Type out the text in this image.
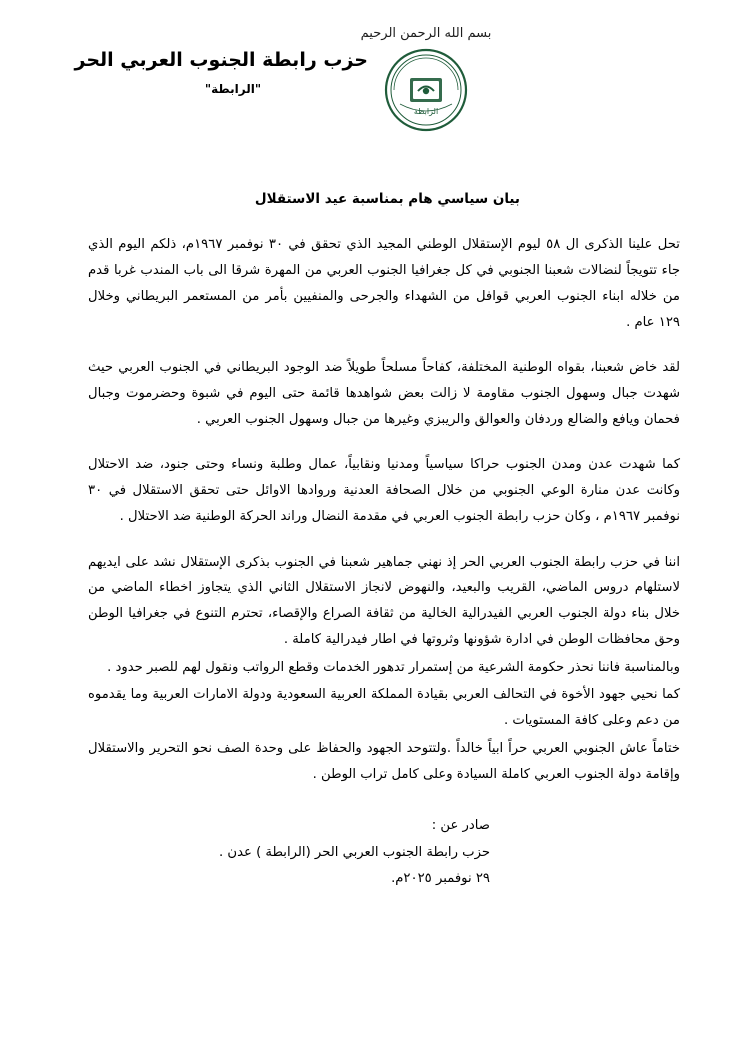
بسم الله الرحمن الرحيم
الرابطة
حزب رابطة الجنوب العربي الحر
"الرابطة"
بيان سياسي هام بمناسبة عيد الاستقلال

تحل علينا الذكرى ال ٥٨ ليوم الإستقلال الوطني المجيد الذي تحقق في ٣٠ نوفمبر ١٩٦٧م، ذلكم اليوم الذي جاء تتويجاً لنضالات شعبنا الجنوبي في كل جغرافيا الجنوب العربي من المهرة شرقا الى باب المندب غربا قدم من خلاله ابناء الجنوب العربي قوافل من الشهداء والجرحى والمنفيين بأمر من المستعمر البريطاني وخلال ١٢٩ عام .

لقد خاض شعبنا، بقواه الوطنية المختلفة، كفاحاً مسلحاً طويلاً ضد الوجود البريطاني في الجنوب العربي حيث شهدت جبال وسهول الجنوب مقاومة لا زالت بعض شواهدها قائمة حتى اليوم في شبوة وحضرموت وجبال فحمان ويافع والضالع وردفان والعوالق والريبزي وغيرها من جبال وسهول الجنوب العربي .

كما شهدت عدن ومدن الجنوب حراكا سياسياً ومدنيا ونقابياً، عمال وطلبة ونساء وحتى جنود، ضد الاحتلال وكانت عدن منارة الوعي الجنوبي من خلال الصحافة العدنية وروادها الاوائل حتى تحقق الاستقلال في ٣٠ نوفمبر ١٩٦٧م ، وكان حزب رابطة الجنوب العربي في مقدمة النضال وراند الحركة الوطنية ضد الاحتلال .

اننا في حزب رابطة الجنوب العربي الحر إذ نهني جماهير شعبنا في الجنوب بذكرى الإستقلال نشد على ايديهم لاستلهام دروس الماضي، القريب والبعيد، والنهوض لانجاز الاستقلال الثاني الذي يتجاوز اخطاء الماضي من خلال بناء دولة الجنوب العربي الفيدرالية الخالية من ثقافة الصراع والإقصاء، تحترم التنوع في جغرافيا الوطن وحق محافظات الوطن في ادارة شؤونها وثروتها في اطار فيدرالية كاملة .

وبالمناسبة فاننا نحذر حكومة الشرعية من إستمرار تدهور الخدمات وقطع الرواتب ونقول لهم للصبر حدود .

كما نحيي جهود الأخوة في التحالف العربي بقيادة المملكة العربية السعودية ودولة الامارات العربية وما يقدموه من دعم وعلى كافة المستويات .

ختاماً عاش الجنوبي العربي حراً ابياً خالداً .ولتتوحد الجهود والحفاظ على وحدة الصف نحو التحرير والاستقلال وإقامة دولة الجنوب العربي كاملة السيادة وعلى كامل تراب الوطن .

صادر عن :

حزب رابطة الجنوب العربي الحر (الرابطة ) عدن .

٢٩ نوفمبر ٢٠٢٥م.
